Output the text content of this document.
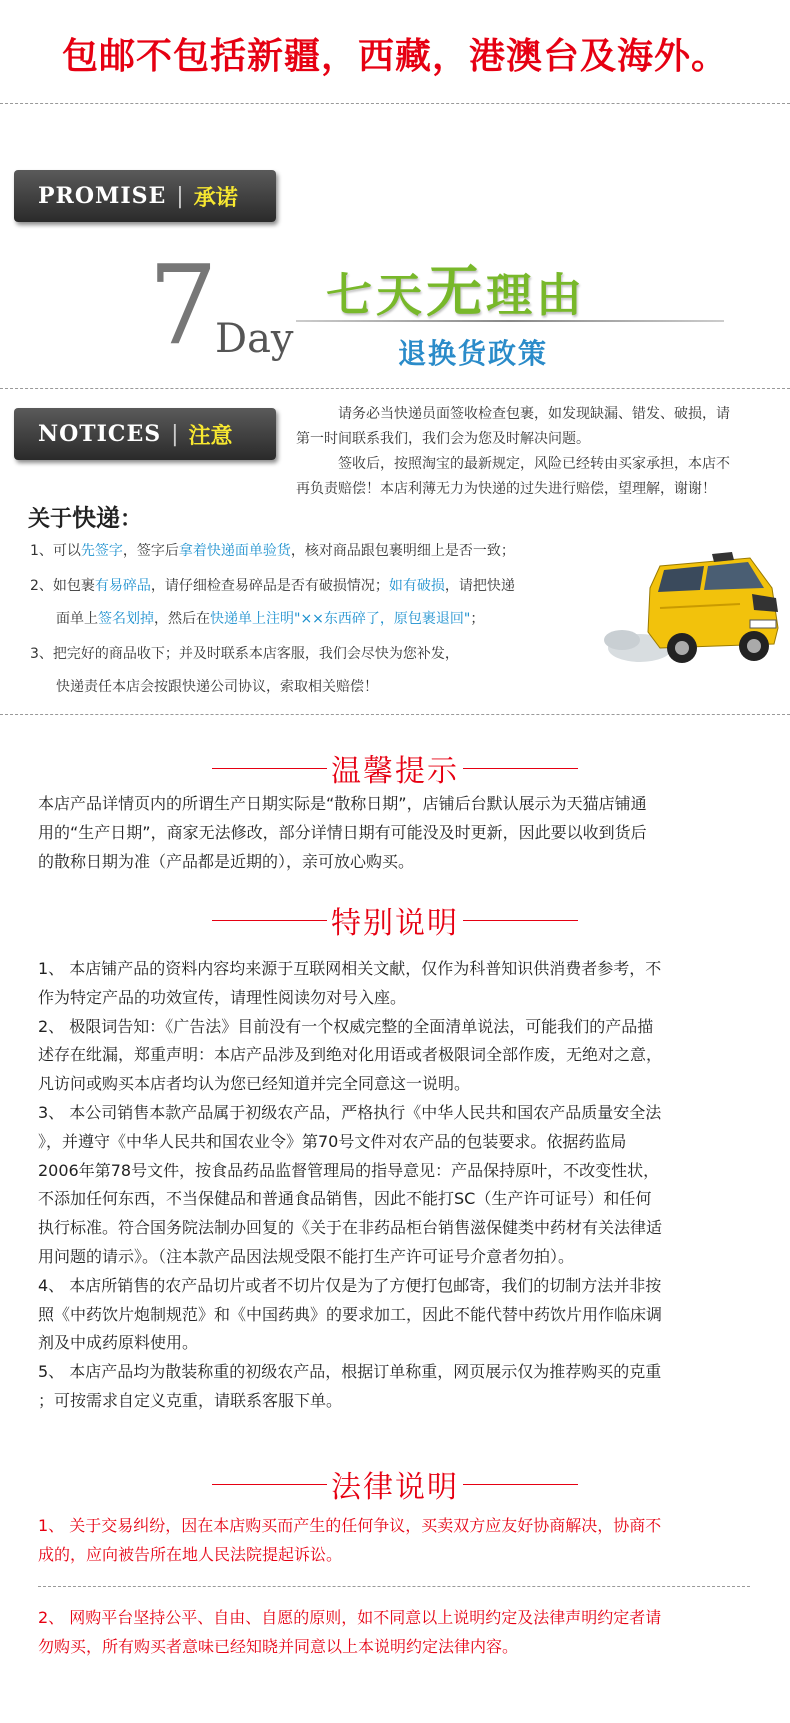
包邮不包括新疆，西藏，港澳台及海外。
PROMISE | 承诺
7
Day
七天无理由
退换货政策
NOTICES | 注意
请务必当快递员面签收检查包裹，如发现缺漏、错发、破损，请
第一时间联系我们，我们会为您及时解决问题。
签收后，按照淘宝的最新规定，风险已经转由买家承担，本店不
再负责赔偿！本店利薄无力为快递的过失进行赔偿，望理解，谢谢！
关于快递：
1、可以先签字，签字后拿着快递面单验货，核对商品跟包裹明细上是否一致；
2、如包裹有易碎品，请仔细检查易碎品是否有破损情况；如有破损，请把快递
面单上签名划掉，然后在快递单上注明"××东西碎了，原包裹退回"；
3、把完好的商品收下；并及时联系本店客服，我们会尽快为您补发，
快递责任本店会按跟快递公司协议，索取相关赔偿！
温馨提示

本店产品详情页内的所谓生产日期实际是“散称日期”，店铺后台默认展示为天猫店铺通

用的“生产日期”，商家无法修改，部分详情日期有可能没及时更新，因此要以收到货后

的散称日期为准（产品都是近期的），亲可放心购买。

特别说明

1、 本店铺产品的资料内容均来源于互联网相关文献，仅作为科普知识供消费者参考，不

作为特定产品的功效宣传，请理性阅读勿对号入座。

2、 极限词告知：《广告法》目前没有一个权威完整的全面清单说法，可能我们的产品描

述存在纰漏，郑重声明：本店产品涉及到绝对化用语或者极限词全部作废，无绝对之意，

凡访问或购买本店者均认为您已经知道并完全同意这一说明。

3、 本公司销售本款产品属于初级农产品，严格执行《中华人民共和国农产品质量安全法

》，并遵守《中华人民共和国农业令》第70号文件对农产品的包装要求。依据药监局

2006年第78号文件，按食品药品监督管理局的指导意见：产品保持原叶，不改变性状，

不添加任何东西，不当保健品和普通食品销售，因此不能打SC（生产许可证号）和任何

执行标准。符合国务院法制办回复的《关于在非药品柜台销售滋保健类中药材有关法律适

用问题的请示》。（注本款产品因法规受限不能打生产许可证号介意者勿拍）。

4、 本店所销售的农产品切片或者不切片仅是为了方便打包邮寄，我们的切制方法并非按

照《中药饮片炮制规范》和《中国药典》的要求加工，因此不能代替中药饮片用作临床调

剂及中成药原料使用。

5、 本店产品均为散装称重的初级农产品，根据订单称重，网页展示仅为推荐购买的克重

；可按需求自定义克重，请联系客服下单。

法律说明

1、 关于交易纠纷，因在本店购买而产生的任何争议，买卖双方应友好协商解决，协商不

成的，应向被告所在地人民法院提起诉讼。

2、 网购平台坚持公平、自由、自愿的原则，如不同意以上说明约定及法律声明约定者请

勿购买，所有购买者意味已经知晓并同意以上本说明约定法律内容。
